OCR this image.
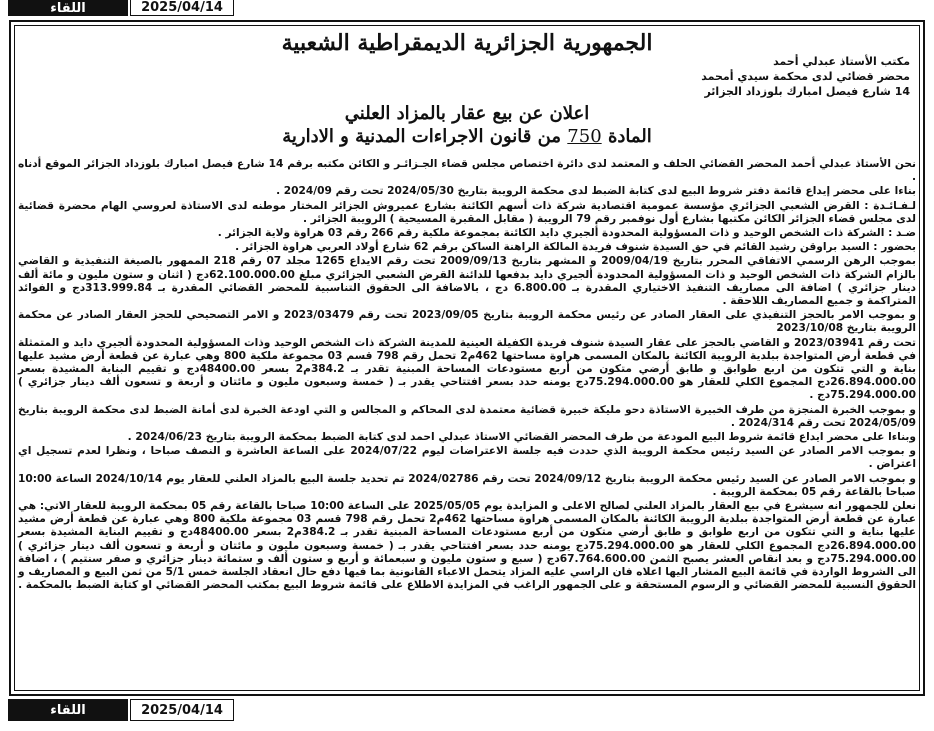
2025/04/14
اللقاء
الجمهورية الجزائرية الديمقراطية الشعبية
مكتب الأستاذ عبدلي أحمد
محضر قضائي لدى محكمة سيدي أمحمد
14 شارع فيصل امبارك بلوزداد الجزائر
اعلان عن بيع عقار بالمزاد العلني
المادة 750 من قانون الاجراءات المدنية و الادارية

نحن الأستاذ عبدلي أحمد المحضر القضائي الحلف و المعتمد لدى دائرة اختصاص مجلس قضاء الجـزائـر و الكائن مكتبه برقم 14 شارع فيصل امبارك بلوزداد الجزائر الموقع أدناه .

بناءا على محضر إيداع قائمة دفتر شروط البيع لدى كتابة الضبط لدى محكمة الرويبة بتاريخ 2024/05/30 تحت رقم 2024/09 .

لـفـائـدة : القرض الشعبي الجزائري مؤسسة عمومية اقتصادية شركة ذات أسهم الكائنة بشارع عميروش الجزائر المختار موطنه لدى الاستاذة لعروسي الهام محضرة قضائية لدى مجلس قضاء الجزائر الكائن مكتبها بشارع أول نوفمبر رقم 79 الرويبة ( مقابل المقبرة المسيحية ) الرويبة الجزائر .

ضـد : الشركة ذات الشخص الوحيد و ذات المسؤولية المحدودة ألجيري دايد الكائنة بمجموعة ملكية رقم 266 رقم 03 هراوة ولاية الجزائر .

بحضور : السيد براوقن رشيد القائم في حق السيدة شنوف فريدة المالكة الراهنة الساكن برقم 62 شارع أولاد العربي هراوة الجزائر .

بموجب الرهن الرسمي الاتفاقي المحرر بتاريخ 2009/04/19 و المشهر بتاريخ 2009/09/13 تحت رقم الايداع 1265 مجلد 07 رقم 218 الممهور بالصيغة التنفيذية و القاضي بالزام الشركة ذات الشخص الوحيد و ذات المسؤولية المحدودة ألجيري دايد بدفعها للدائنة القرض الشعبي الجزائري مبلغ 62.100.000.00دج ( اثنان و ستون مليون و مائة ألف دينار جزائري ) اضافة الى مصاريف التنفيذ الاختياري المقدرة بـ 6.800.00 دج ، بالاضافة الى الحقوق التناسبية للمحضر القضائي المقدرة بـ 313.999.84دج و الفوائد المتراكمة و جميع المصاريف اللاحقة .

و بموجب الامر بالحجز التنفيذي على العقار الصادر عن رئيس محكمة الرويبة بتاريخ 2023/09/05 تحت رقم 2023/03479 و الامر التصحيحي للحجز العقار الصادر عن محكمة الرويبة بتاريخ 2023/10/08

تحت رقم 2023/03941 و القاضي بالحجز على عقار السيدة شنوف فريدة الكفيلة العينية للمدينة الشركة ذات الشخص الوحيد وذات المسؤولية المحدودة ألجيري دايد و المتمثلة في قطعة أرض المتواجدة ببلدية الرويبة الكائنة بالمكان المسمى هراوة مساحتها 462م2 تحمل رقم 798 قسم 03 مجموعة ملكية 800 وهي عبارة عن قطعة أرض مشيد عليها بناية و التي تتكون من اربع طوابق و طابق أرضي متكون من أربع مستودعات المساحة المبنية تقدر بـ 384.2م2 بسعر 48400.00دج و تقييم البناية المشيدة بسعر 26.894.000.00دج المجموع الكلي للعقار هو 75.294.000.00دج يومنه حدد بسعر افتتاحي يقدر بـ ( خمسة وسبعون مليون و مائتان و أربعة و تسعون ألف دينار جزائري ) 75.294.000.00دج .

و بموجب الخبرة المنجزة من طرف الخبيرة الاستاذة دحو مليكة خبيرة قضائية معتمدة لدى المحاكم و المجالس و التي اودعة الخبرة لدى أمانة الضبط لدى محكمة الرويبة بتاريخ 2024/05/09 تحت رقم 2024/314 .

وبناءا على محضر ايداع قائمة شروط البيع المودعة من طرف المحضر القضائي الاستاذ عبدلي احمد لدى كتابة الضبط بمحكمة الرويبة بتاريخ 2024/06/23 .

و بموجب الامر الصادر عن السيد رئيس محكمة الرويبة الذي حددت فيه جلسة الاعتراضات ليوم 2024/07/22 على الساعة العاشرة و النصف صباحا ، ونظرا لعدم تسجيل اي اعتراض .

و بموجب الامر الصادر عن السيد رئيس محكمة الرويبة بتاريخ 2024/09/12 تحت رقم 2024/02786 تم تحديد جلسة البيع بالمزاد العلني للعقار يوم 2024/10/14 الساعة 10:00 صباحا بالقاعة رقم 05 بمحكمة الرويبة .

نعلن للجمهور انه سيشرع في بيع العقار بالمزاد العلني لصالح الاعلى و المزايدة يوم 2025/05/05 على الساعة 10:00 صباحا بالقاعة رقم 05 بمحكمة الرويبة للعقار الاتي: هي عبارة عن قطعة أرض المتواجدة ببلدية الرويبة الكائنة بالمكان المسمى هراوة مساحتها 462م2 تحمل رقم 798 قسم 03 مجموعة ملكية 800 وهي عبارة عن قطعة أرض مشيد عليها بناية و التي تتكون من اربع طوابق و طابق أرضي متكون من أربع مستودعات المساحة المبنية تقدر بـ 384.2م2 بسعر 48400.00دج و تقييم البناية المشيدة بسعر 26.894.000.00دج المجموع الكلي للعقار هو 75.294.000.00دج يومنه حدد بسعر افتتاحي يقدر بـ ( خمسة وسبعون مليون و مائتان و أربعة و تسعون ألف دينار جزائري ) 75.294.000.00دج و بعد انقاص العشر يصبح الثمن 67.764.600.00دج ( سبع و ستون مليون و سبعمائة و أربع و ستون ألف و ستمائة دينار جزائري و صفر سنتيم ) ، اضافة الى الشروط الواردة في قائمة البيع المشار اليها اعلاه فان الراسي عليه المزاد يتحمل الاعباء القانونية بما فيها دفع حال انعقاد الجلسة خمس 5/1 من ثمن البيع و المصاريف و الحقوق النسبية للمحضر القضائي و الرسوم المستحقة و على الجمهور الراغب في المزايدة الاطلاع على قائمة شروط البيع بمكتب المحضر القضائي او كتابة الضبط بالمحكمة .

2025/04/14
اللقاء
